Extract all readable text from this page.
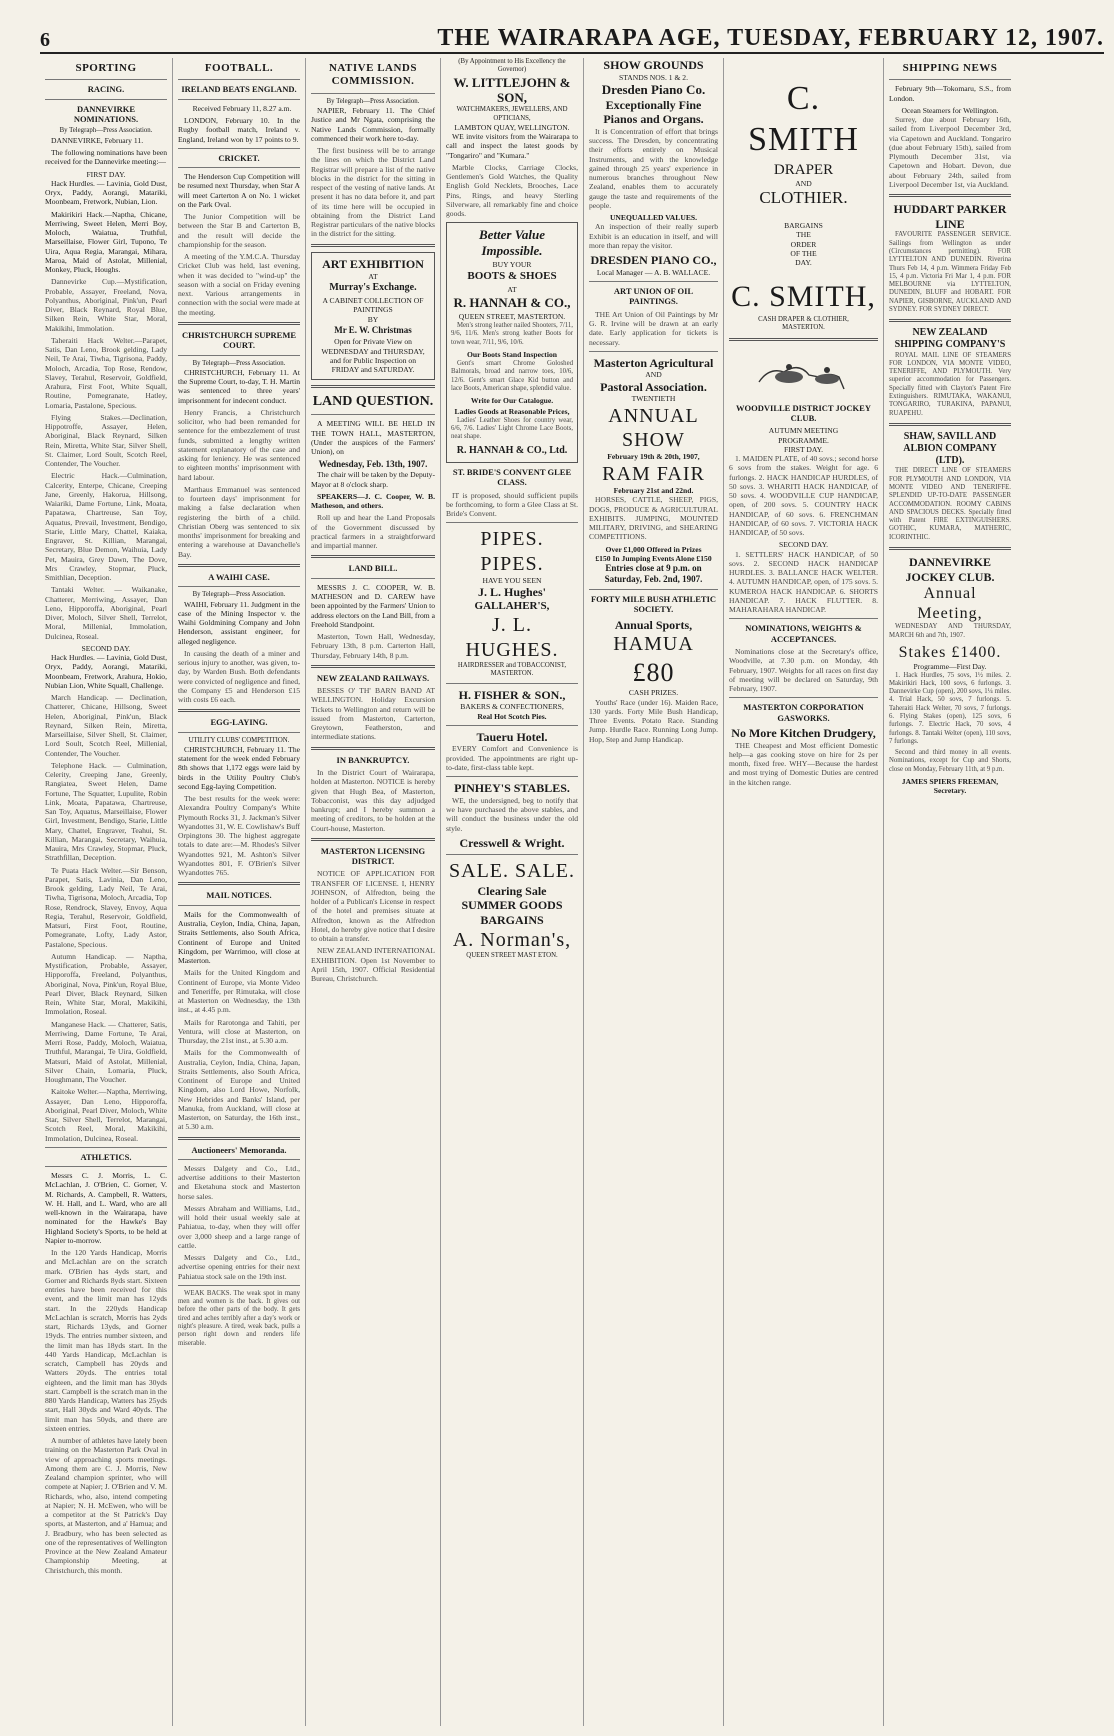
6	THE WAIRARAPA AGE, TUESDAY, FEBRUARY 12, 1907.
SPORTING
RACING.
DANNEVIRKE NOMINATIONS.
By Telegraph—Press Association.

DANNEVIRKE, February 11.

The following nominations have been received for the Dannevirke meeting:—

FIRST DAY.

Hack Hurdles. — Lavinia, Gold Dust, Oryx, Paddy, Aorangi, Matariki, Moonbeam, Fretwork, Nubian, Lion.

Makirikiri Hack.—Naptha, Chicane, Merriwing, Sweet Helen, Merri Boy, Moloch, Waiatua, Truthful, Marseillaise, Flower Girl, Tupono, Te Uira, Aqua Regia, Marangai, Mihara, Maroa, Maid of Astolat, Millenial, Monkey, Pluck, Houghs.

Dannevirke Cup.—Mystification, Probable, Assayer, Freeland, Nova, Polyanthus, Aboriginal, Pink'un, Pearl Diver, Black Reynard, Royal Blue, Silken Rein, White Star, Moral, Makikihi, Immolation.

Taheraiti Hack Welter.—Parapet, Satis, Dan Leno, Brook gelding, Lady Neil, Te Arai, Tiwha, Tigrisona, Paddy, Moloch, Arcadia, Top Rose, Rendow, Slavey, Terahul, Reservoir, Goldfield, Arahura, First Foot, White Squall, Routine, Pomegranate, Hatley, Lomaria, Pastalone, Specious.

Flying Stakes.—Declination, Hippotroffe, Assayer, Helen, Aboriginal, Black Reynard, Silken Rein, Miretta, White Star, Silver Shell, St. Claimer, Lord Soult, Scotch Reel, Contender, The Voucher.

Electric Hack.—Culmination, Calcerity, Enterpe, Chicane, Creeping Jane, Greenly, Hakorua, Hillsong, Waiariki, Dame Fortune, Link, Moata, Papatawa, Chartreuse, San Toy, Aquatus, Prevail, Investment, Bendigo, Starie, Little Mary, Chattel, Kaiaka, Engraver, St. Killian, Marangai, Secretary, Blue Demon, Waihuia, Lady Pet, Mauira, Grey Dawn, The Dove, Mrs Crawley, Stopmar, Pluck, Smithlian, Deception.

Tantaki Welter. — Waikanake, Chatterer, Merriwing, Assayer, Dan Leno, Hipporoffa, Aboriginal, Pearl Diver, Moloch, Silver Shell, Terrelot, Moral, Millenial, Immolation, Dulcinea, Roseal.

SECOND DAY.

Hack Hurdles. — Lavinia, Gold Dust, Oryx, Paddy, Aorangi, Matariki, Moonbeam, Fretwork, Arahura, Hokio, Nubian Lion, White Squall, Challenge.

March Handicap. — Declination, Chatterer, Chicane, Hillsong, Sweet Helen, Aboriginal, Pink'un, Black Reynard, Silken Rein, Miretta, Marseillaise, Silver Shell, St. Claimer, Lord Soult, Scotch Reel, Millenial, Contender, The Voucher.

Telephone Hack. — Culmination, Celerity, Creeping Jane, Greenly, Rangiatea, Sweet Helen, Dame Fortune, The Squatter, Lupulite, Robin Link, Moata, Papatawa, Chartreuse, San Toy, Aquatus, Marseillaise, Flower Girl, Investment, Bendigo, Starie, Little Mary, Chattel, Engraver, Teahui, St. Killian, Marangai, Secretary, Waihuia, Mauira, Mrs Crawley, Stopmar, Pluck, Strathfillan, Deception.

Te Puata Hack Welter.—Sir Benson, Parapet, Satis, Lavinia, Dan Leno, Brook gelding, Lady Neil, Te Arai, Tiwha, Tigrisona, Moloch, Arcadia, Top Rose, Rendrock, Slavey, Envoy, Aqua Regia, Terahul, Reservoir, Goldfield, Matsuri, First Foot, Routine, Pomegranate, Lofty, Lady Astor, Pastalone, Specious.

Autumn Handicap. — Naptha, Mystification, Probable, Assayer, Hipporoffa, Freeland, Polyanthus, Aboriginal, Nova, Pink'un, Royal Blue, Pearl Diver, Black Reynard, Silken Rein, White Star, Moral, Makikihi, Immolation, Roseal.

Manganese Hack. — Chatterer, Satis, Merriwing, Dame Fortune, Te Arai, Merri Rose, Paddy, Moloch, Waiatua, Truthful, Marangai, Te Uira, Goldfield, Matsuri, Maid of Astolat, Millenial, Silver Chain, Lomaria, Pluck, Houghmann, The Voucher.

Kaitoke Welter.—Naptha, Merriwing, Assayer, Dan Leno, Hipporoffa, Aboriginal, Pearl Diver, Moloch, White Star, Silver Shell, Terrelot, Marangai, Scotch Reel, Moral, Makikihi, Immolation, Dulcinea, Roseal.

ATHLETICS.

Messrs C. J. Morris, L. C. McLachlan, J. O'Brien, C. Gorner, V. M. Richards, A. Campbell, R. Watters, W. H. Hall, and L. Ward, who are all well-known in the Wairarapa, have nominated for the Hawke's Bay Highland Society's Sports, to be held at Napier to-morrow.

In the 120 Yards Handicap, Morris and McLachlan are on the scratch mark. O'Brien has 4yds start, and Gorner and Richards 8yds start. Sixteen entries have been received for this event, and the limit man has 12yds start. In the 220yds Handicap McLachlan is scratch, Morris has 2yds start, Richards 13yds, and Gorner 19yds. The entries number sixteen, and the limit man has 18yds start. In the 440 Yards Handicap, McLachlan is scratch, Campbell has 20yds and Watters 20yds. The entries total eighteen, and the limit man has 30yds start. Campbell is the scratch man in the 880 Yards Handicap, Watters has 25yds start, Hall 30yds and Ward 40yds. The limit man has 50yds, and there are sixteen entries.

A number of athletes have lately been training on the Masterton Park Oval in view of approaching sports meetings. Among them are C. J. Morris, New Zealand champion sprinter, who will compete at Napier; J. O'Brien and V. M. Richards, who, also, intend competing at Napier; N. H. McEwen, who will be a competitor at the St Patrick's Day sports, at Masterton, and a' Hamua; and J. Bradbury, who has been selected as one of the representatives of Wellington Province at the New Zealand Amateur Championship Meeting, at Christchurch, this month.

FOOTBALL.
IRELAND BEATS ENGLAND.

Received February 11, 8.27 a.m.

LONDON, February 10. In the Rugby football match, Ireland v. England, Ireland won by 17 points to 9.

CRICKET.

The Henderson Cup Competition will be resumed next Thursday, when Star A will meet Carterton A on No. 1 wicket on the Park Oval.

The Junior Competition will be between the Star B and Carterton B, and the result will decide the championship for the season.

A meeting of the Y.M.C.A. Thursday Cricket Club was held, last evening, when it was decided to "wind-up" the season with a social on Friday evening next. Various arrangements in connection with the social were made at the meeting.

CHRISTCHURCH SUPREME COURT.
By Telegraph—Press Association.

CHRISTCHURCH, February 11. At the Supreme Court, to-day, T. H. Martin was sentenced to three years' imprisonment for indecent conduct.

Henry Francis, a Christchurch solicitor, who had been remanded for sentence for the embezzlement of trust funds, submitted a lengthy written statement explanatory of the case and asking for leniency. He was sentenced to eighteen months' imprisonment with hard labour.

Marthaus Emmanuel was sentenced to fourteen days' imprisonment for making a false declaration when registering the birth of a child. Christian Oberg was sentenced to six months' imprisonment for breaking and entering a warehouse at Davanchelle's Bay.

A WAIHI CASE.
By Telegraph—Press Association.

WAIHI, February 11. Judgment in the case of the Mining Inspector v. the Waihi Goldmining Company and John Henderson, assistant engineer, for alleged negligence.

In causing the death of a miner and serious injury to another, was given, to-day, by Warden Bush. Both defendants were convicted of negligence and fined, the Company £5 and Henderson £15 with costs £6 each.

EGG-LAYING.
UTILITY CLUBS' COMPETITION.

CHRISTCHURCH, February 11. The statement for the week ended February 8th shows that 1,172 eggs were laid by birds in the Utility Poultry Club's second Egg-laying Competition.

The best results for the week were: Alexandra Poultry Company's White Plymouth Rocks 31, J. Jackman's Silver Wyandottes 31, W. E. Cowlishaw's Buff Orpingtons 30. The highest aggregate totals to date are:—M. Rhodes's Silver Wyandottes 921, M. Ashton's Silver Wyandottes 801, F. O'Brien's Silver Wyandottes 765.

MAIL NOTICES.

Mails for the Commonwealth of Australia, Ceylon, India, China, Japan, Straits Settlements, also South Africa, Continent of Europe and United Kingdom, per Warrimoo, will close at Masterton.

Mails for the United Kingdom and Continent of Europe, via Monte Video and Teneriffe, per Rimutaka, will close at Masterton on Wednesday, the 13th inst., at 4.45 p.m.

Mails for Rarotonga and Tahiti, per Ventura, will close at Masterton, on Thursday, the 21st inst., at 5.30 a.m.

Mails for the Commonwealth of Australia, Ceylon, India, China, Japan, Straits Settlements, also South Africa, Continent of Europe and United Kingdom, also Lord Howe, Norfolk, New Hebrides and Banks' Island, per Manuka, from Auckland, will close at Masterton, on Saturday, the 16th inst., at 5.30 a.m.

Auctioneers' Memoranda.

Messrs Dalgety and Co., Ltd., advertise additions to their Masterton and Eketahuna stock and Masterton horse sales.

Messrs Abraham and Williams, Ltd., will hold their usual weekly sale at Pahiatua, to-day, when they will offer over 3,000 sheep and a large range of cattle.

Messrs Dalgety and Co., Ltd., advertise opening entries for their next Pahiatua stock sale on the 19th inst.

WEAK BACKS. The weak spot in many men and women is the back. It gives out before the other parts of the body. It gets tired and aches terribly after a day's work or night's pleasure. A tired, weak back, pulls a person right down and renders life miserable.

NATIVE LANDS COMMISSION.
By Telegraph—Press Association.

NAPIER, February 11. The Chief Justice and Mr Ngata, comprising the Native Lands Commission, formally commenced their work here to-day.

The first business will be to arrange the lines on which the District Land Registrar will prepare a list of the native blocks in the district for the sitting in respect of the vesting of native lands. At present it has no data before it, and part of its time here will be occupied in obtaining from the District Land Registrar particulars of the native blocks in the district for the sitting.

ART EXHIBITION
AT
Murray's Exchange.
A CABINET COLLECTION OF PAINTINGS
BY
Mr E. W. Christmas
Open for Private View on WEDNESDAY and THURSDAY, and for Public Inspection on FRIDAY and SATURDAY.
LAND QUESTION.

A MEETING WILL BE HELD IN THE TOWN HALL, MASTERTON, (Under the auspices of the Farmers' Union), on

Wednesday, Feb. 13th, 1907.

The chair will be taken by the Deputy-Mayor at 8 o'clock sharp.

SPEAKERS—J. C. Cooper, W. B. Matheson, and others.

Roll up and hear the Land Proposals of the Government discussed by practical farmers in a straightforward and impartial manner.

LAND BILL.

MESSRS J. C. COOPER, W. B. MATHESON and D. CAREW have been appointed by the Farmers' Union to address electors on the Land Bill, from a Freehold Standpoint.

Masterton, Town Hall, Wednesday, February 13th, 8 p.m. Carterton Hall, Thursday, February 14th, 8 p.m.

NEW ZEALAND RAILWAYS.

BESSES O' TH' BARN BAND AT WELLINGTON. Holiday Excursion Tickets to Wellington and return will be issued from Masterton, Carterton, Greytown, Featherston, and intermediate stations.

IN BANKRUPTCY.

In the District Court of Wairarapa, holden at Masterton. NOTICE is hereby given that Hugh Bea, of Masterton, Tobacconist, was this day adjudged bankrupt; and I hereby summon a meeting of creditors, to be holden at the Court-house, Masterton.

MASTERTON LICENSING DISTRICT.

NOTICE OF APPLICATION FOR TRANSFER OF LICENSE. I, HENRY JOHNSON, of Alfredton, being the holder of a Publican's License in respect of the hotel and premises situate at Alfredton, known as the Alfredton Hotel, do hereby give notice that I desire to obtain a transfer.

NEW ZEALAND INTERNATIONAL EXHIBITION. Open 1st November to April 15th, 1907. Official Residential Bureau, Christchurch.

(By Appointment to His Excellency the Governor)
W. LITTLEJOHN & SON,
WATCHMAKERS, JEWELLERS, AND OPTICIANS,
LAMBTON QUAY, WELLINGTON.

WE invite visitors from the Wairarapa to call and inspect the latest goods by "Tongariro" and "Kumara."

Marble Clocks, Carriage Clocks, Gentlemen's Gold Watches, the Quality English Gold Necklets, Brooches, Lace Pins, Rings, and heavy Sterling Silverware, all remarkably fine and choice goods.

Better Value Impossible.
BUY YOUR
BOOTS & SHOES
AT
R. HANNAH & CO.,
QUEEN STREET, MASTERTON.

Men's strong leather nailed Shooters, 7/11, 9/6, 11/6. Men's strong leather Boots for town wear, 7/11, 9/6, 10/6.

Our Boots Stand Inspection

Gent's smart Chrome Goloshed Balmorals, broad and narrow toes, 10/6, 12/6. Gent's smart Glace Kid button and lace Boots, American shape, splendid value.

Write for Our Catalogue.
Ladies Goods at Reasonable Prices,

Ladies' Leather Shoes for country wear, 6/6, 7/6. Ladies' Light Chrome Lace Boots, neat shape.

R. HANNAH & CO., Ltd.
ST. BRIDE'S CONVENT GLEE CLASS.

IT is proposed, should sufficient pupils be forthcoming, to form a Glee Class at St. Bride's Convent.

PIPES. PIPES.
HAVE YOU SEEN
J. L. Hughes'
GALLAHER'S,
J. L. HUGHES.
HAIRDRESSER and TOBACCONIST, MASTERTON.
H. FISHER & SON.,
BAKERS & CONFECTIONERS,
Real Hot Scotch Pies.
Taueru Hotel.

EVERY Comfort and Convenience is provided. The appointments are right up-to-date, first-class table kept.

PINHEY'S STABLES.

WE, the undersigned, beg to notify that we have purchased the above stables, and will conduct the business under the old style.

Cresswell & Wright.
SALE. SALE.
Clearing Sale
SUMMER GOODS
BARGAINS
A. Norman's,
QUEEN STREET MAST ETON.
SHOW GROUNDS
STANDS NOS. 1 & 2.
Dresden Piano Co.
Exceptionally Fine
Pianos and Organs.

It is Concentration of effort that brings success. The Dresden, by concentrating their efforts entirely on Musical Instruments, and with the knowledge gained through 25 years' experience in numerous branches throughout New Zealand, enables them to accurately gauge the taste and requirements of the people.

UNEQUALLED VALUES.

An inspection of their really superb Exhibit is an education in itself, and will more than repay the visitor.

DRESDEN PIANO CO.,
Local Manager — A. B. WALLACE.
ART UNION OF OIL PAINTINGS.

THE Art Union of Oil Paintings by Mr G. R. Irvine will be drawn at an early date. Early application for tickets is necessary.

Masterton Agricultural
AND
Pastoral Association.
TWENTIETH
ANNUAL SHOW
February 19th & 20th, 1907,
RAM FAIR
February 21st and 22nd.

HORSES, CATTLE, SHEEP, PIGS, DOGS, PRODUCE & AGRICULTURAL EXHIBITS. JUMPING, MOUNTED MILITARY, DRIVING, and SHEARING COMPETITIONS.

Over £1,000 Offered in Prizes
£150 In Jumping Events Alone £150
Entries close at 9 p.m. on Saturday, Feb. 2nd, 1907.
FORTY MILE BUSH ATHLETIC SOCIETY.
Annual Sports,
HAMUA
£80
CASH PRIZES.

Youths' Race (under 16). Maiden Race, 130 yards. Forty Mile Bush Handicap, Three Events. Potato Race. Standing Jump. Hurdle Race. Running Long Jump. Hop, Step and Jump Handicap.

C. SMITH
DRAPER
AND
CLOTHIER.
BARGAINS
THE
ORDER
OF THE
DAY.
C. SMITH,
CASH DRAPER & CLOTHIER,
MASTERTON.
WOODVILLE DISTRICT JOCKEY CLUB.
AUTUMN MEETING
PROGRAMME.
FIRST DAY.

1. MAIDEN PLATE, of 40 sovs.; second horse 6 sovs from the stakes. Weight for age. 6 furlongs. 2. HACK HANDICAP HURDLES, of 50 sovs. 3. WHARITI HACK HANDICAP, of 50 sovs. 4. WOODVILLE CUP HANDICAP, open, of 200 sovs. 5. COUNTRY HACK HANDICAP, of 60 sovs. 6. FRENCHMAN HANDICAP, of 60 sovs. 7. VICTORIA HACK HANDICAP, of 50 sovs.

SECOND DAY.

1. SETTLERS' HACK HANDICAP, of 50 sovs. 2. SECOND HACK HANDICAP HURDLES. 3. BALLANCE HACK WELTER. 4. AUTUMN HANDICAP, open, of 175 sovs. 5. KUMEROA HACK HANDICAP. 6. SHORTS HANDICAP. 7. HACK FLUTTER. 8. MAHARAHARA HANDICAP.

NOMINATIONS, WEIGHTS & ACCEPTANCES.

Nominations close at the Secretary's office, Woodville, at 7.30 p.m. on Monday, 4th February, 1907. Weights for all races on first day of meeting will be declared on Saturday, 9th February, 1907.

MASTERTON CORPORATION GASWORKS.
No More Kitchen Drudgery,

THE Cheapest and Most efficient Domestic help—a gas cooking stove on hire for 2s per month, fixed free. WHY—Because the hardest and most trying of Domestic Duties are centred in the kitchen range.

SHIPPING NEWS

February 9th—Tokomaru, S.S., from London.

Ocean Steamers for Wellington.

Surrey, due about February 16th, sailed from Liverpool December 3rd, via Capetown and Auckland. Tongariro (due about February 15th), sailed from Plymouth December 31st, via Capetown and Hobart. Devon, due about February 24th, sailed from Liverpool December 1st, via Auckland.

HUDDART PARKER LINE

FAVOURITE PASSENGER SERVICE. Sailings from Wellington as under (Circumstances permitting). FOR LYTTELTON AND DUNEDIN. Riverina Thurs Feb 14, 4 p.m. Wimmera Friday Feb 15, 4 p.m. Victoria Fri Mar 1, 4 p.m. FOR MELBOURNE via LYTTELTON, DUNEDIN, BLUFF and HOBART. FOR NAPIER, GISBORNE, AUCKLAND AND SYDNEY. FOR SYDNEY DIRECT.

NEW ZEALAND SHIPPING COMPANY'S

ROYAL MAIL LINE OF STEAMERS FOR LONDON, VIA MONTE VIDEO, TENERIFFE, AND PLYMOUTH. Very superior accommodation for Passengers. Specially fitted with Clayton's Patent Fire Extinguishers. RIMUTAKA, WAKANUI, TONGARIRO, TURAKINA, PAPANUI, RUAPEHU.

SHAW, SAVILL AND ALBION COMPANY (LTD).

THE DIRECT LINE OF STEAMERS FOR PLYMOUTH AND LONDON, VIA MONTE VIDEO AND TENERIFFE. SPLENDID UP-TO-DATE PASSENGER ACCOMMODATION. ROOMY CABINS AND SPACIOUS DECKS. Specially fitted with Patent FIRE EXTINGUISHERS. GOTHIC, KUMARA, MATHERIC, ICORINTHIC.

DANNEVIRKE JOCKEY CLUB.
Annual Meeting,

WEDNESDAY AND THURSDAY, MARCH 6th and 7th, 1907.

Stakes £1400.
Programme—First Day.

1. Hack Hurdles, 75 sovs, 1½ miles. 2. Makirikiri Hack, 100 sovs, 6 furlongs. 3. Dannevirke Cup (open), 200 sovs, 1¼ miles. 4. Trial Hack, 50 sovs, 7 furlongs. 5. Taheraiti Hack Welter, 70 sovs, 7 furlongs. 6. Flying Stakes (open), 125 sovs, 6 furlongs. 7. Electric Hack, 70 sovs, 4 furlongs. 8. Tantaki Welter (open), 110 sovs, 7 furlongs.

Second and third money in all events. Nominations, except for Cup and Shorts, close on Monday, February 11th, at 9 p.m.

JAMES SPIERS FREEMAN, Secretary.
